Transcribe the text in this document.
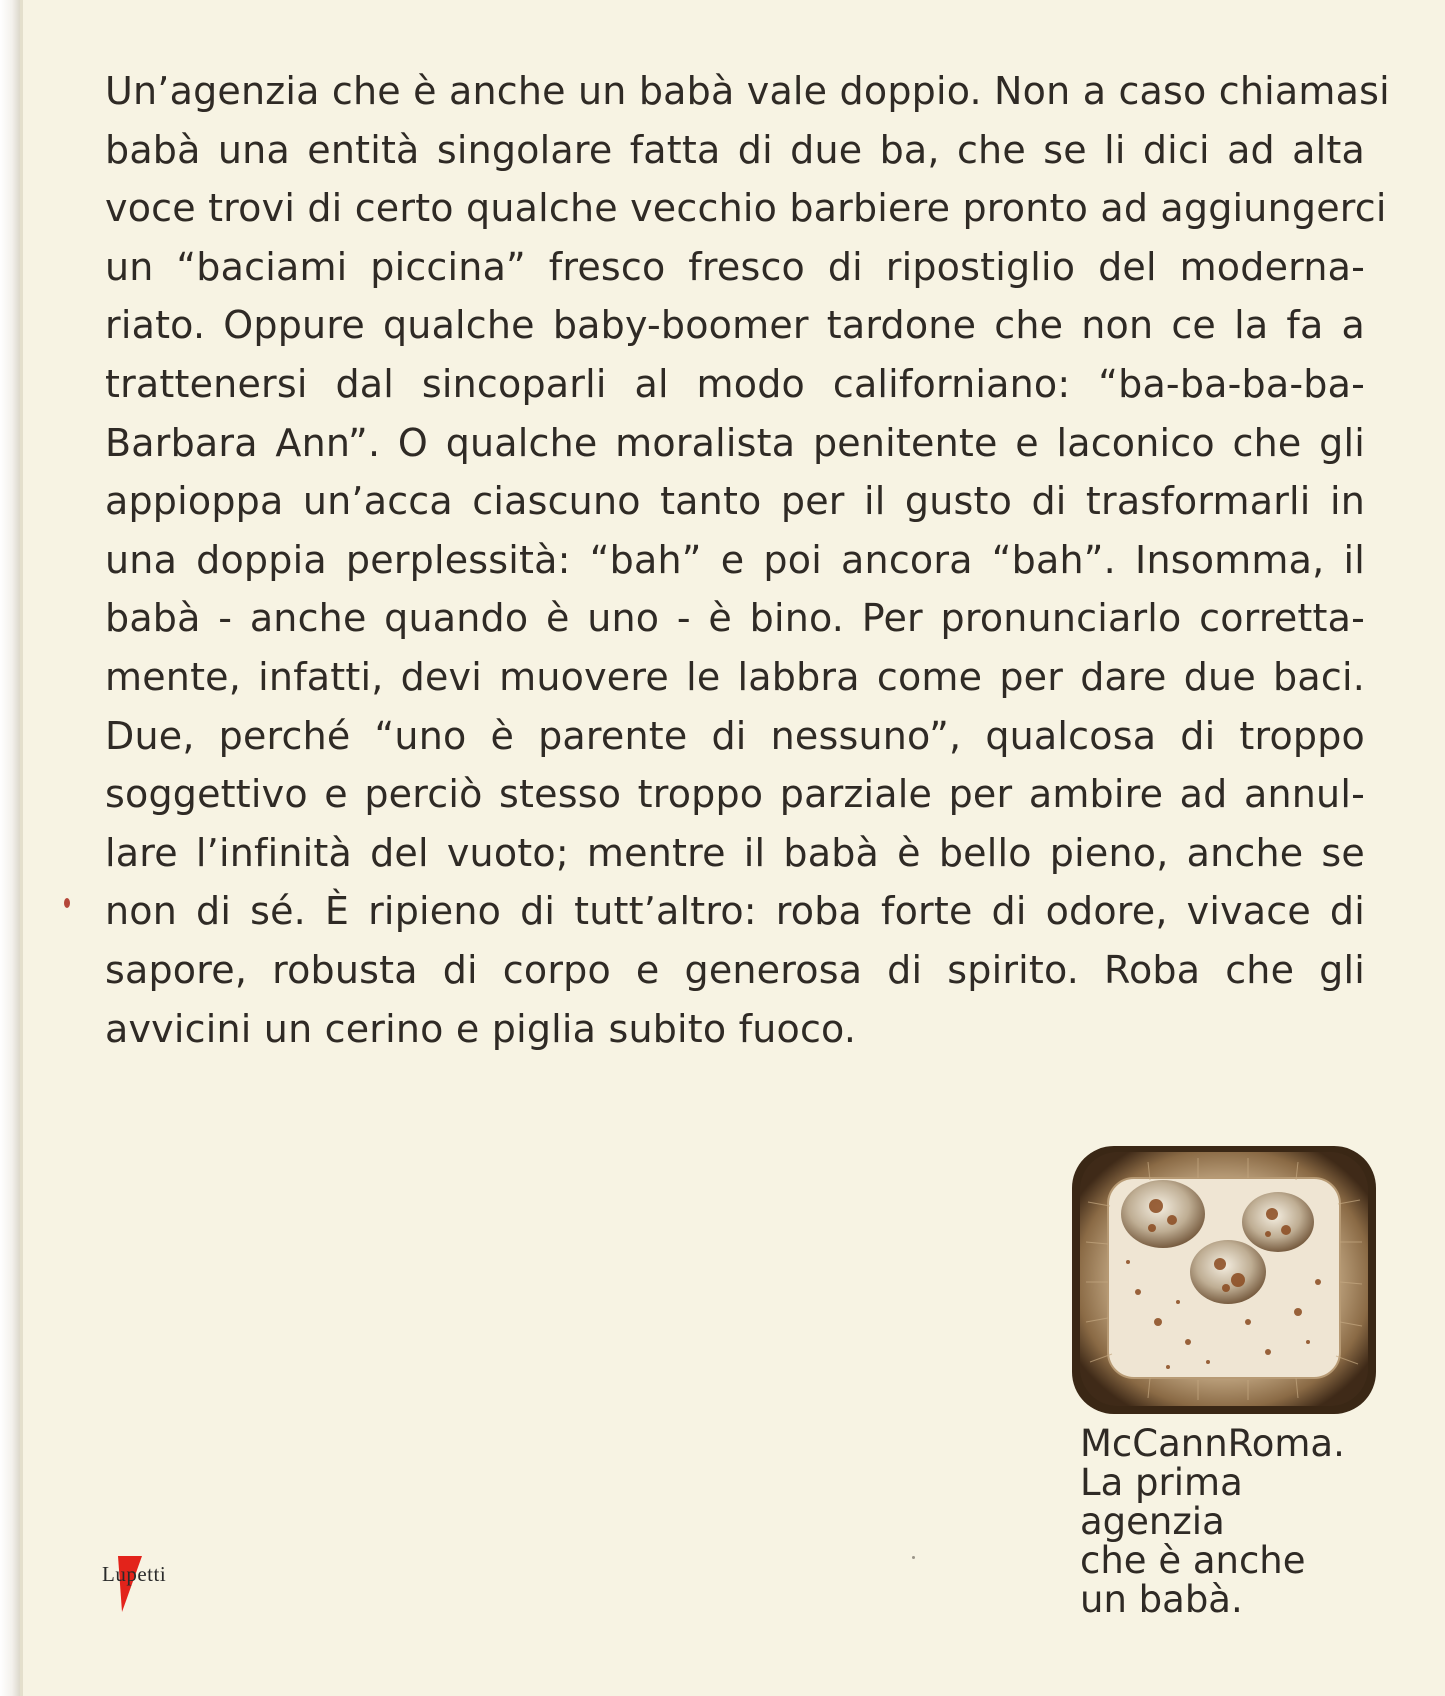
Un’agenzia che è anche un babà vale doppio. Non a caso chiamasi
babà una entità singolare fatta di due ba, che se li dici ad alta
voce trovi di certo qualche vecchio barbiere pronto ad aggiungerci
un “baciami piccina” fresco fresco di ripostiglio del moderna-
riato. Oppure qualche baby-boomer tardone che non ce la fa a
trattenersi dal sincoparli al modo californiano: “ba-ba-ba-ba-
Barbara Ann”. O qualche moralista penitente e laconico che gli
appioppa un’acca ciascuno tanto per il gusto di trasformarli in
una doppia perplessità: “bah” e poi ancora “bah”. Insomma, il
babà - anche quando è uno - è bino. Per pronunciarlo corretta-
mente, infatti, devi muovere le labbra come per dare due baci.
Due, perché “uno è parente di nessuno”, qualcosa di troppo
soggettivo e perciò stesso troppo parziale per ambire ad annul-
lare l’infinità del vuoto; mentre il babà è bello pieno, anche se
non di sé. È ripieno di tutt’altro: roba forte di odore, vivace di
sapore, robusta di corpo e generosa di spirito. Roba che gli
avvicini un cerino e piglia subito fuoco.
McCannRoma.
La prima
agenzia
che è anche
un babà.
Lupetti
